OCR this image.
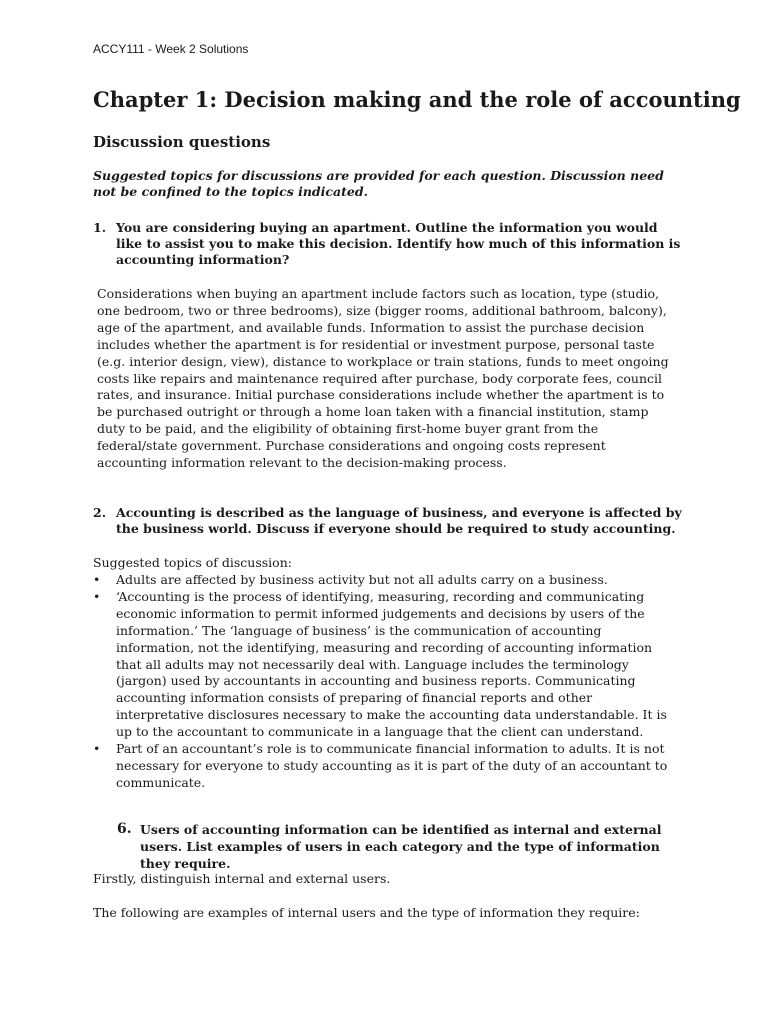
ACCY111 - Week 2 Solutions
Chapter 1: Decision making and the role of accounting
Discussion questions

Suggested topics for discussions are provided for each question. Discussion need not be confined to the topics indicated.

1. You are considering buying an apartment. Outline the information you would like to assist you to make this decision. Identify how much of this information is accounting information?

Considerations when buying an apartment include factors such as location, type (studio, one bedroom, two or three bedrooms), size (bigger rooms, additional bathroom, balcony), age of the apartment, and available funds. Information to assist the purchase decision includes whether the apartment is for residential or investment purpose, personal taste (e.g. interior design, view), distance to workplace or train stations, funds to meet ongoing costs like repairs and maintenance required after purchase, body corporate fees, council rates, and insurance. Initial purchase considerations include whether the apartment is to be purchased outright or through a home loan taken with a financial institution, stamp duty to be paid, and the eligibility of obtaining first-home buyer grant from the federal/state government. Purchase considerations and ongoing costs represent accounting information relevant to the decision-making process.

2. Accounting is described as the language of business, and everyone is affected by the business world. Discuss if everyone should be required to study accounting.

Suggested topics of discussion:

• Adults are affected by business activity but not all adults carry on a business.
• ‘Accounting is the process of identifying, measuring, recording and communicating economic information to permit informed judgements and decisions by users of the information.’ The ‘language of business’ is the communication of accounting information, not the identifying, measuring and recording of accounting information that all adults may not necessarily deal with. Language includes the terminology (jargon) used by accountants in accounting and business reports. Communicating accounting information consists of preparing of financial reports and other interpretative disclosures necessary to make the accounting data understandable. It is up to the accountant to communicate in a language that the client can understand.
• Part of an accountant’s role is to communicate financial information to adults. It is not necessary for everyone to study accounting as it is part of the duty of an accountant to communicate.
6. Users of accounting information can be identified as internal and external users. List examples of users in each category and the type of information they require.

Firstly, distinguish internal and external users.

The following are examples of internal users and the type of information they require:
